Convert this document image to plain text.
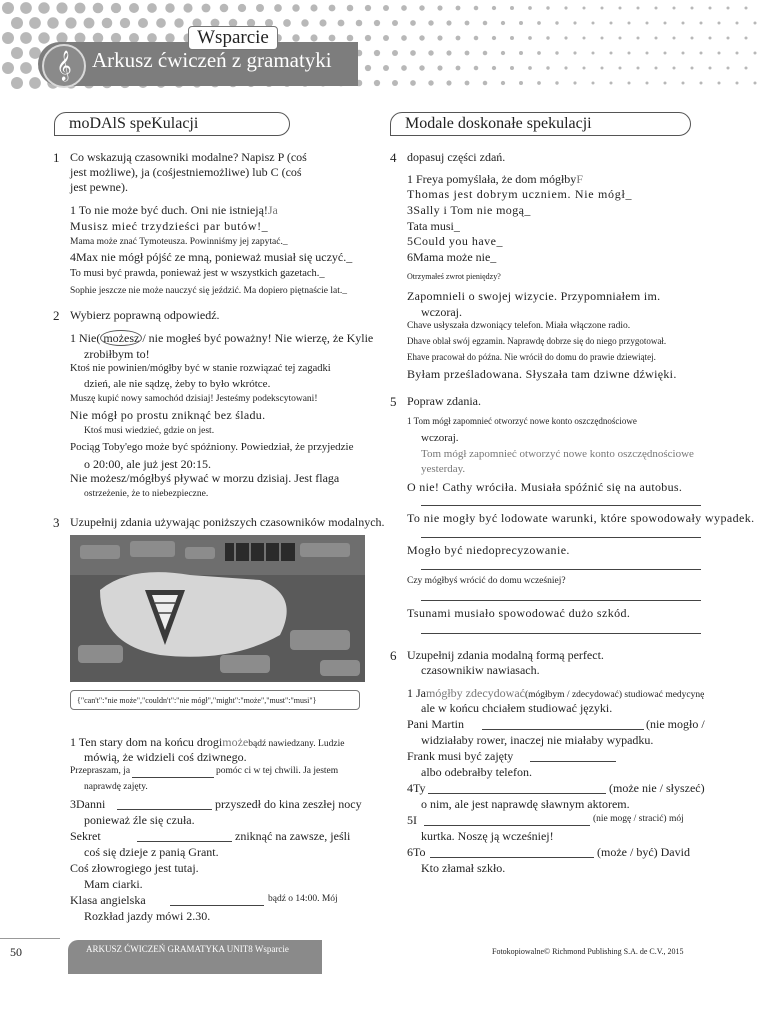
𝄞
Wsparcie
Arkusz ćwiczeń z gramatyki
moDAlS speKulacji
1 Co wskazują czasowniki modalne? Napisz P (coś
jest możliwe), ja (cośjestniemożliwe) lub C (coś
jest pewne).
1 To nie może być duch. Oni nie istnieją!Ja
Musisz mieć trzydzieści par butów!_
Mama może znać Tymoteusza. Powinniśmy jej zapytać._
4Max nie mógł pójść ze mną, ponieważ musiał się uczyć._
To musi być prawda, ponieważ jest w wszystkich gazetach._
Sophie jeszcze nie może nauczyć się jeździć. Ma dopiero piętnaście lat._
2 Wybierz poprawną odpowiedź.
1 Nie( możesz / nie mogłeś być poważny! Nie wierzę, że Kylie
zrobiłbym to!
Ktoś nie powinien/mógłby być w stanie rozwiązać tej zagadki
dzień, ale nie sądzę, żeby to było wkrótce.
Muszę kupić nowy samochód dzisiaj! Jesteśmy podekscytowani!
Nie mógł po prostu zniknąć bez śladu.
Ktoś musi wiedzieć, gdzie on jest.
Pociąg Toby'ego może być spóźniony. Powiedział, że przyjedzie
o 20:00, ale już jest 20:15.
Nie możesz/mógłbyś pływać w morzu dzisiaj. Jest flaga
ostrzeżenie, że to niebezpieczne.
3 Uzupełnij zdania używając poniższych czasowników modalnych.
{"can't":"nie może","couldn't":"nie mógł","might":"może","must":"musi"}
1 Ten stary dom na końcu drogimożebądź nawiedzany. Ludzie
mówią, że widzieli coś dziwnego.
Przepraszam, ja	pomóc ci w tej chwili. Ja jestem
naprawdę zajęty.
3Danni	przyszedł do kina zeszłej nocy
ponieważ źle się czuła.
Sekret	zniknąć na zawsze, jeśli
coś się dzieje z panią Grant.
Coś złowrogiego jest tutaj.
Mam ciarki.
Klasa angielska	bądź o 14:00. Mój
Rozkład jazdy mówi 2.30.
Modale doskonałe spekulacji
4 dopasuj części zdań.
1 Freya pomyślała, że dom mógłbyF
Thomas jest dobrym uczniem. Nie mógł_
3Sally i Tom nie mogą_
Tata musi_
5Could you have_
6Mama może nie_
Otrzymałeś zwrot pieniędzy?
Zapomnieli o swojej wizycie. Przypomniałem im.
wczoraj.
Chave usłyszała dzwoniący telefon. Miała włączone radio.
Dhave oblał swój egzamin. Naprawdę dobrze się do niego przygotował.
Ehave pracował do późna. Nie wrócił do domu do prawie dziewiątej.
Byłam prześladowana. Słyszała tam dziwne dźwięki.
5 Popraw zdania.
1 Tom mógł zapomnieć otworzyć nowe konto oszczędnościowe
wczoraj.
Tom mógł zapomnieć otworzyć nowe konto oszczędnościowe
yesterday.
O nie! Cathy wróciła. Musiała spóźnić się na autobus.
To nie mogły być lodowate warunki, które spowodowały wypadek.
Mogło być niedoprecyzowanie.
Czy mógłbyś wrócić do domu wcześniej?
Tsunami musiało spowodować dużo szkód.
6 Uzupełnij zdania modalną formą perfect.
czasownikiw nawiasach.
1 Jamógłby zdecydować(mógłbym / zdecydować) studiować medycynę
ale w końcu chciałem studiować języki.
Pani Martin	(nie mogło /
widziałaby rower, inaczej nie miałaby wypadku.
Frank musi być zajęty
albo odebrałby telefon.
4Ty	(może nie / słyszeć)
o nim, ale jest naprawdę sławnym aktorem.
5I	(nie mogę / stracić) mój
kurtka. Noszę ją wcześniej!
6To	(może / być) David
Kto złamał szkło.
50	ARKUSZ ĆWICZEŃ GRAMATYKA UNIT8 Wsparcie	Fotokopiowalne© Richmond Publishing S.A. de C.V., 2015
